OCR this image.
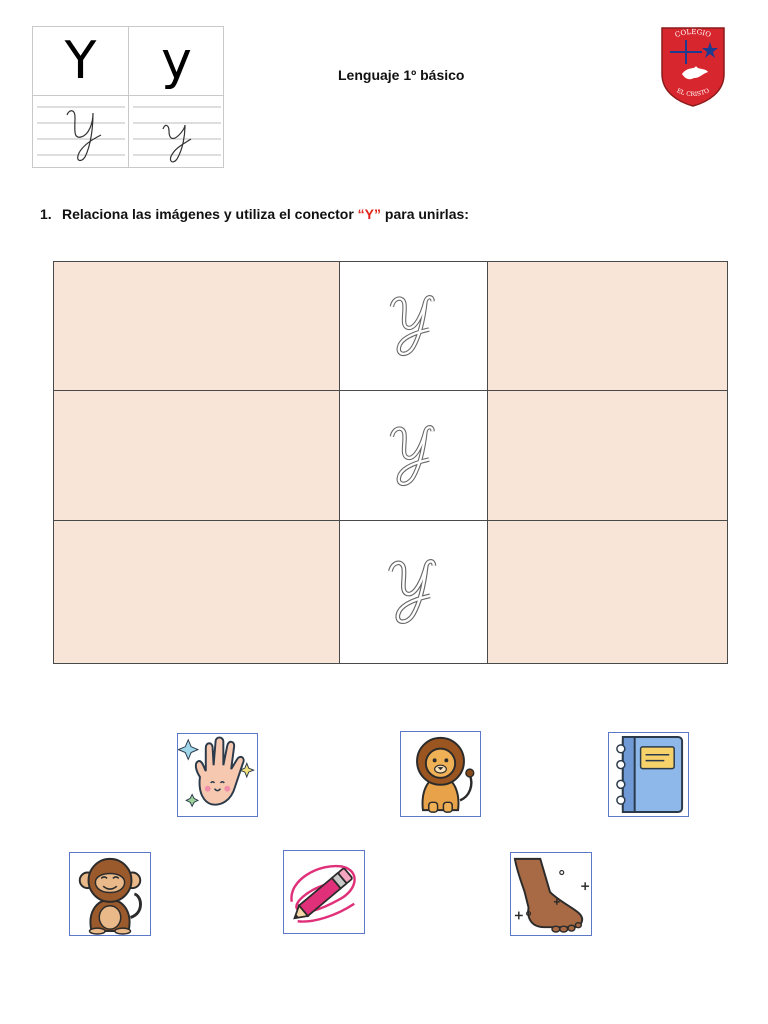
Y	y	Lenguaje 1º básico
COLEGIO
EL CRISTO
1. Relaciona las imágenes y utiliza el conector “Y” para unirlas:
